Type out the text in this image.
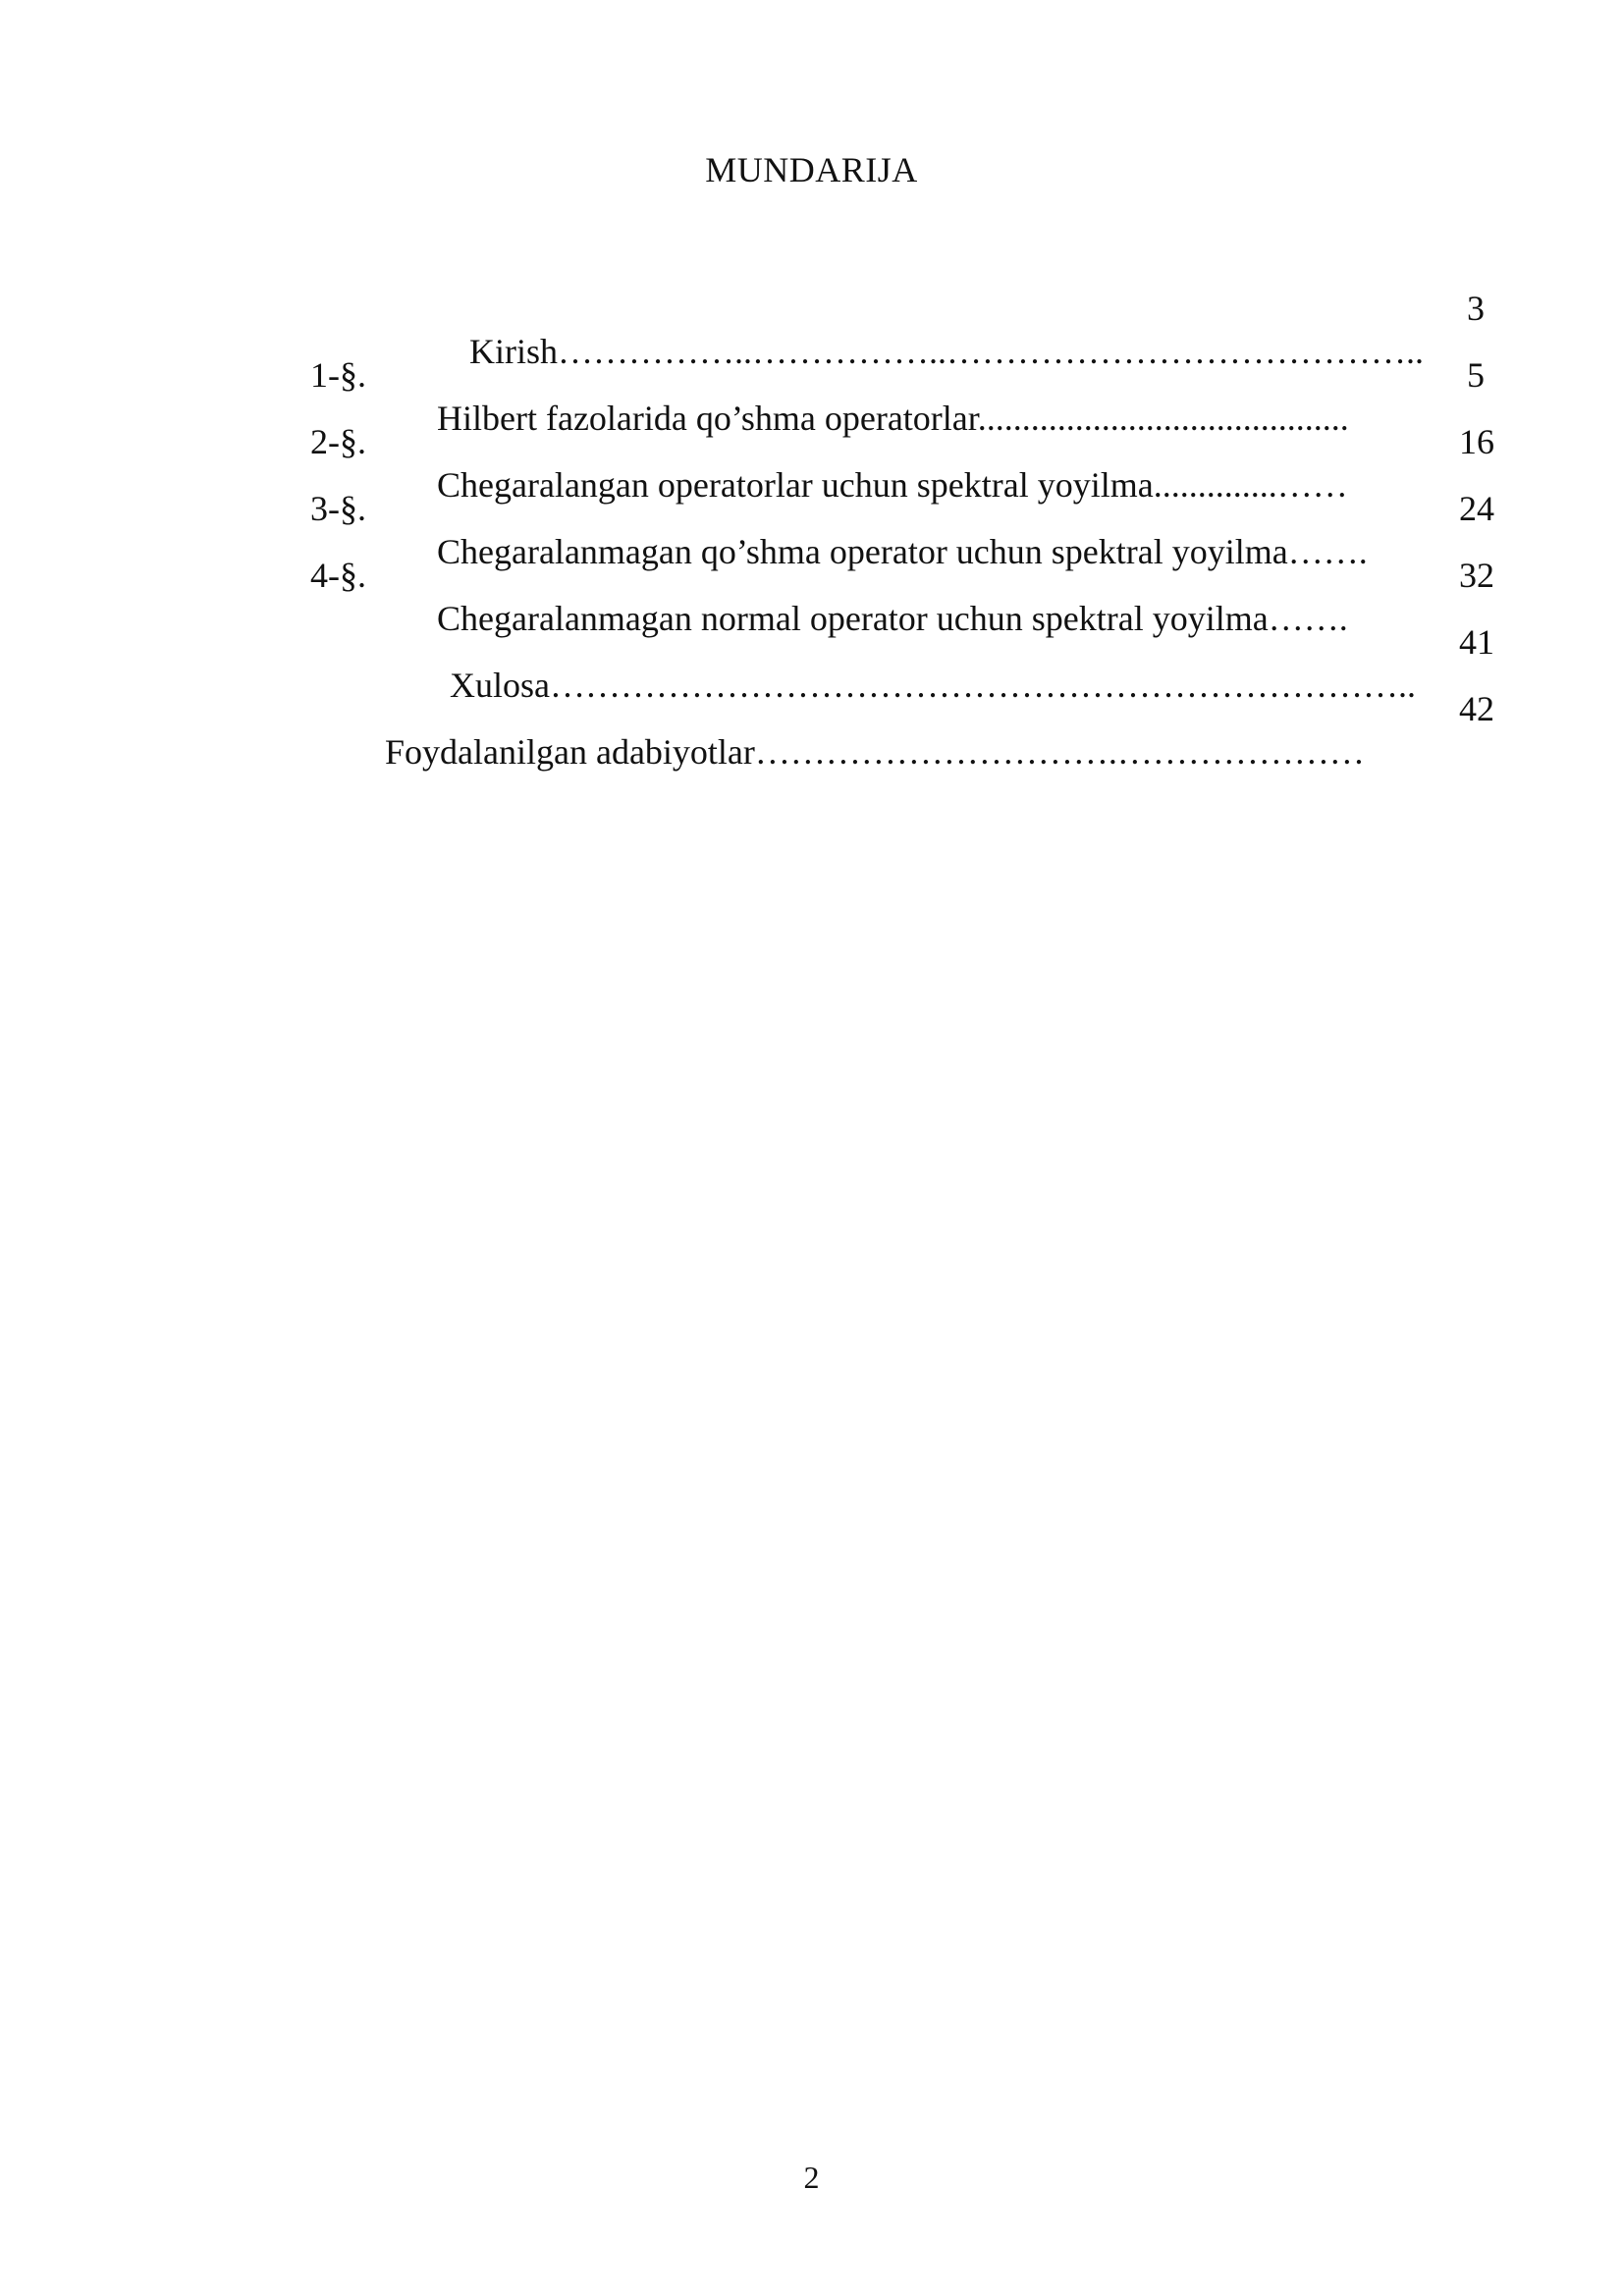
MUNDARIJA

Kirish……………..……………..…………………………………..

3
1-§.

Hilbert fazolarida qo’shma operatorlar..........................................

5
2-§.

Chegaralangan operatorlar uchun spektral yoyilma..............……

16
3-§.

Chegaralanmagan qo’shma operator uchun spektral yoyilma…….

24
4-§.

Chegaralanmagan normal operator uchun spektral yoyilma…….

32

Xulosa………………………………………………………………..

41

Foydalanilgan adabiyotlar………………………….…………………

42
2
